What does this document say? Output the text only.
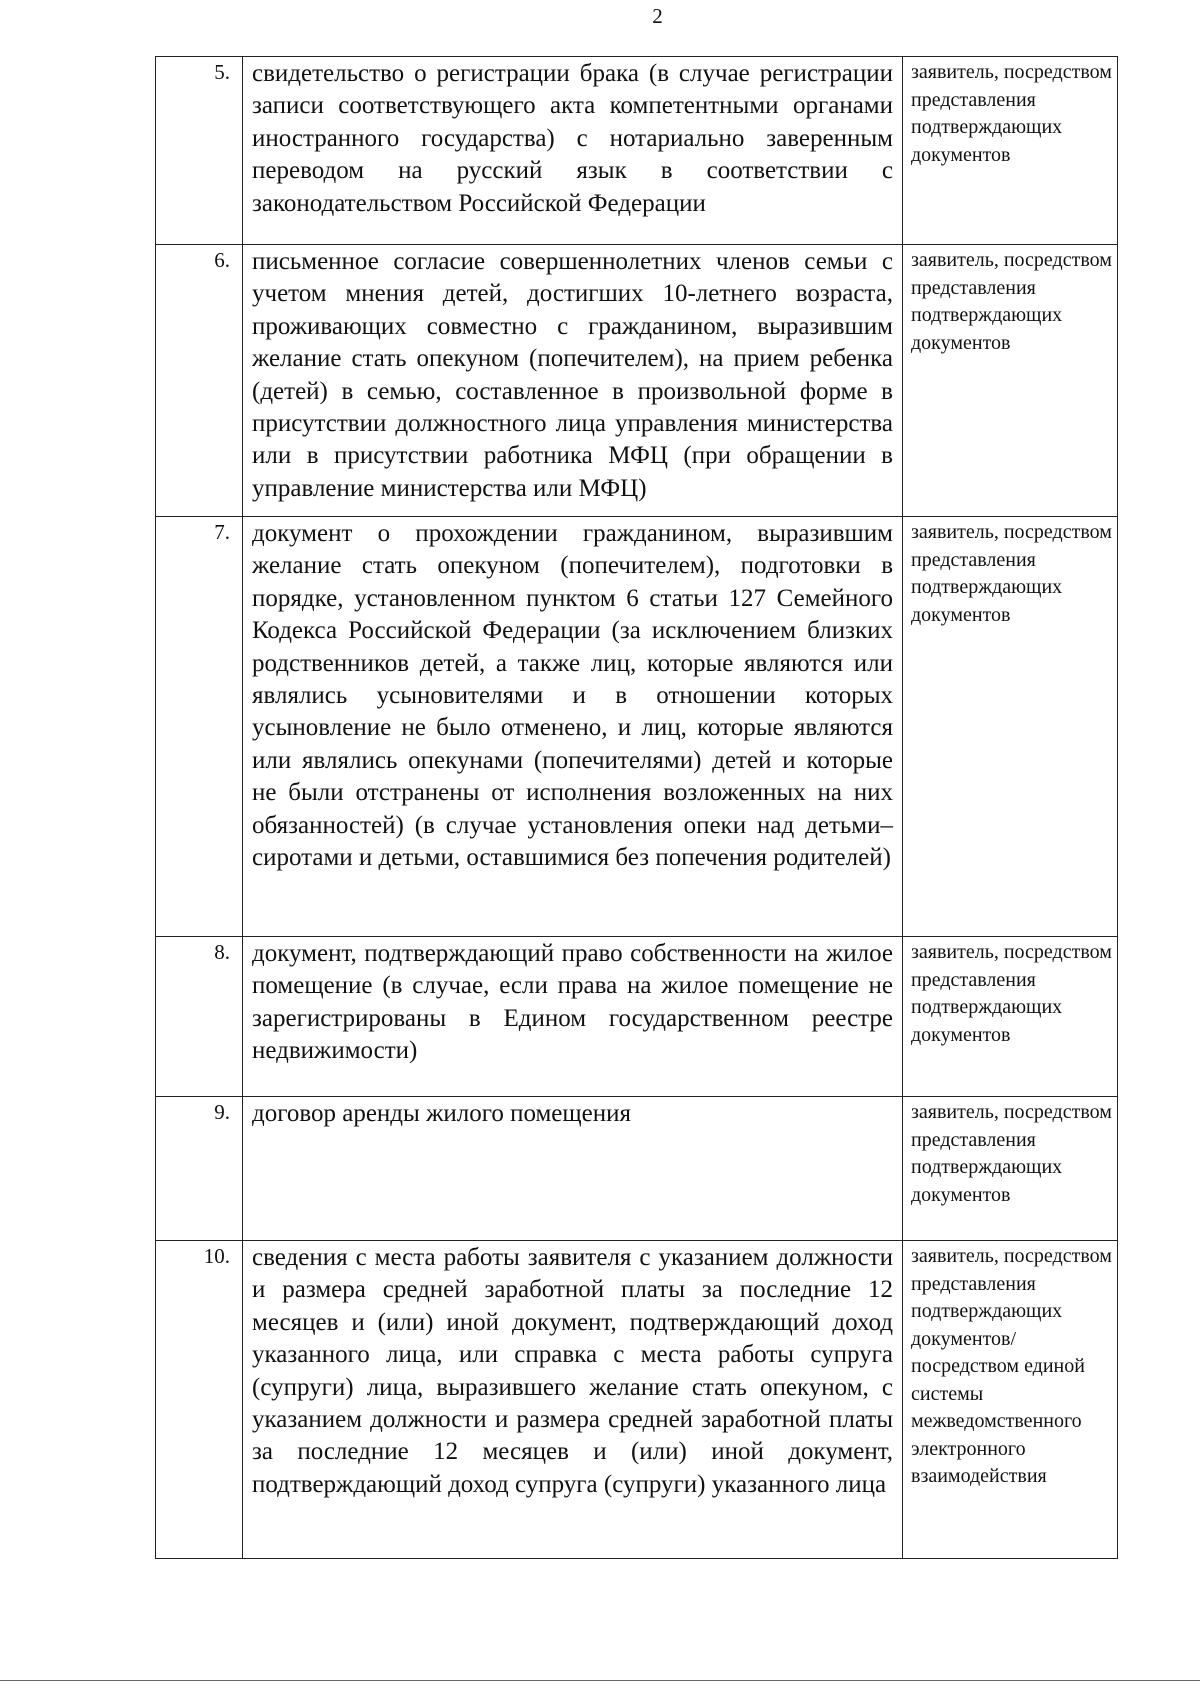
2
5.	свидетельство о регистрации брака (в случае регистрации записи соответствующего акта компетентными органами иностранного государства) с нотариально заверенным переводом на русский язык в соответствии с законодательством Российской Федерации	заявитель, посредством представления подтверждающих документов
6.	письменное согласие совершеннолетних членов семьи с учетом мнения детей, достигших 10-летнего возраста, проживающих совместно с гражданином, выразившим желание стать опекуном (попечителем), на прием ребенка (детей) в семью, составленное в произвольной форме в присутствии должностного лица управления министерства или в присутствии работника МФЦ (при обращении в управление министерства или МФЦ)	заявитель, посредством представления подтверждающих документов
7.	документ о прохождении гражданином, выразившим желание стать опекуном (попечителем), подготовки в порядке, установленном пунктом 6 статьи 127 Семейного Кодекса Российской Федерации (за исключением близких родственников детей, а также лиц, которые являются или являлись усыновителями и в отношении которых усыновление не было отменено, и лиц, которые являются или являлись опекунами (попечителями) детей и которые не были отстранены от исполнения возложенных на них обязанностей) (в случае установления опеки над детьми–сиротами и детьми, оставшимися без попечения родителей)	заявитель, посредством представления подтверждающих документов
8.	документ, подтверждающий право собственности на жилое помещение (в случае, если права на жилое помещение не зарегистрированы в Едином государственном реестре недвижимости)	заявитель, посредством представления подтверждающих документов
9.	договор аренды жилого помещения	заявитель, посредством представления подтверждающих документов
10.	сведения с места работы заявителя с указанием должности и размера средней заработной платы за последние 12 месяцев и (или) иной документ, подтверждающий доход указанного лица, или справка с места работы супруга (супруги) лица, выразившего желание стать опекуном, с указанием должности и размера средней заработной платы за последние 12 месяцев и (или) иной документ, подтверждающий доход супруга (супруги) указанного лица	заявитель, посредством представления подтверждающих документов/ посредством единой системы межведомственного электронного взаимодействия
